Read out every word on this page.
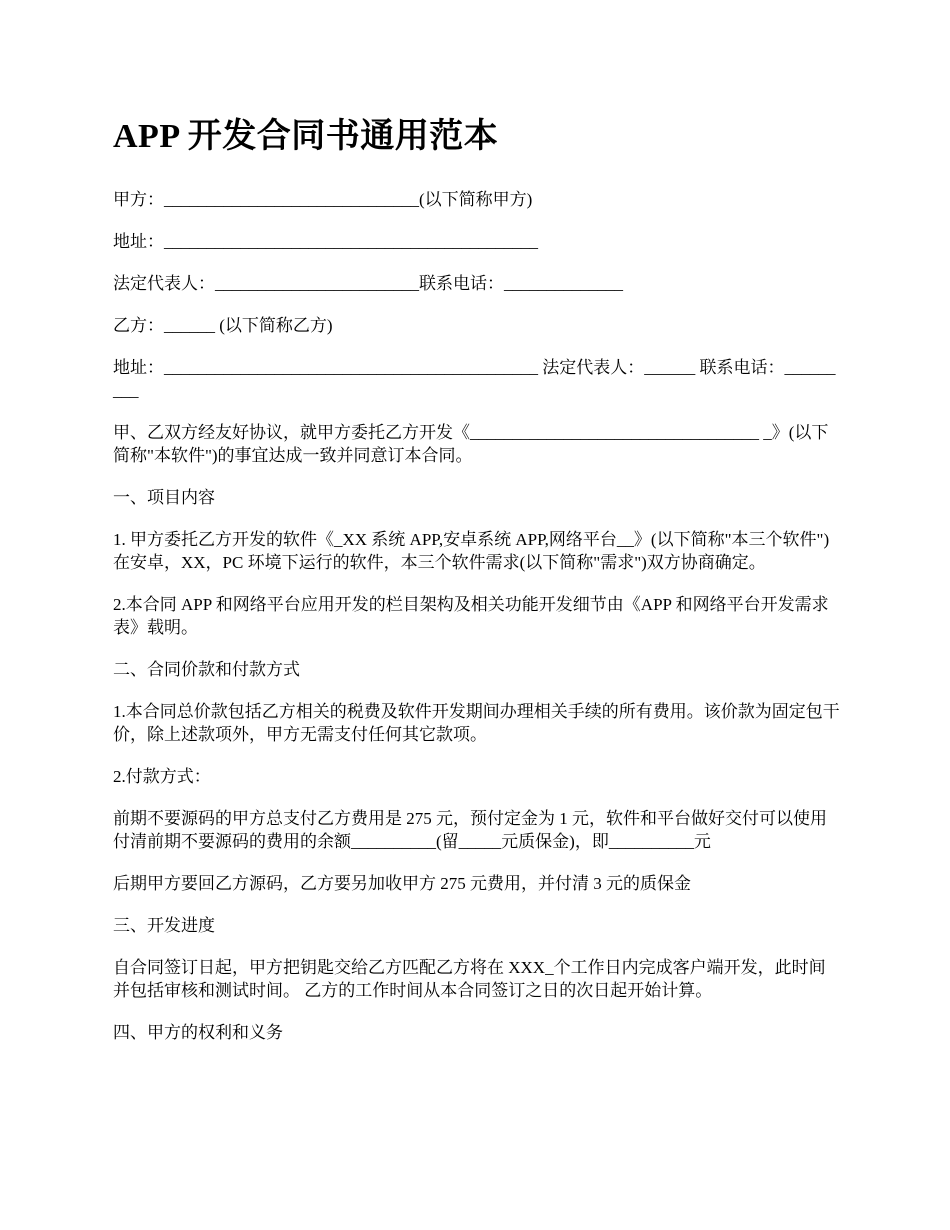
APP 开发合同书通用范本

甲方：______________________________(以下简称甲方)

地址：____________________________________________

法定代表人：________________________联系电话：______________

乙方：______ (以下简称乙方)

地址：____________________________________________ 法定代表人：______ 联系电话：_________

甲、乙双方经友好协议，就甲方委托乙方开发《__________________________________ _》(以下简称"本软件")的事宜达成一致并同意订本合同。

一、项目内容

1. 甲方委托乙方开发的软件《_XX 系统 APP,安卓系统 APP,网络平台__》(以下简称"本三个软件") 在安卓，XX，PC 环境下运行的软件，本三个软件需求(以下简称"需求")双方协商确定。

2.本合同 APP 和网络平台应用开发的栏目架构及相关功能开发细节由《APP 和网络平台开发需求表》载明。

二、合同价款和付款方式

1.本合同总价款包括乙方相关的税费及软件开发期间办理相关手续的所有费用。该价款为固定包干价，除上述款项外，甲方无需支付任何其它款项。

2.付款方式：

前期不要源码的甲方总支付乙方费用是 275 元，预付定金为 1 元，软件和平台做好交付可以使用付清前期不要源码的费用的余额__________(留_____元质保金)，即__________元

后期甲方要回乙方源码，乙方要另加收甲方 275 元费用，并付清 3 元的质保金

三、开发进度

自合同签订日起，甲方把钥匙交给乙方匹配乙方将在 XXX_个工作日内完成客户端开发，此时间并包括审核和测试时间。 乙方的工作时间从本合同签订之日的次日起开始计算。

四、甲方的权利和义务
